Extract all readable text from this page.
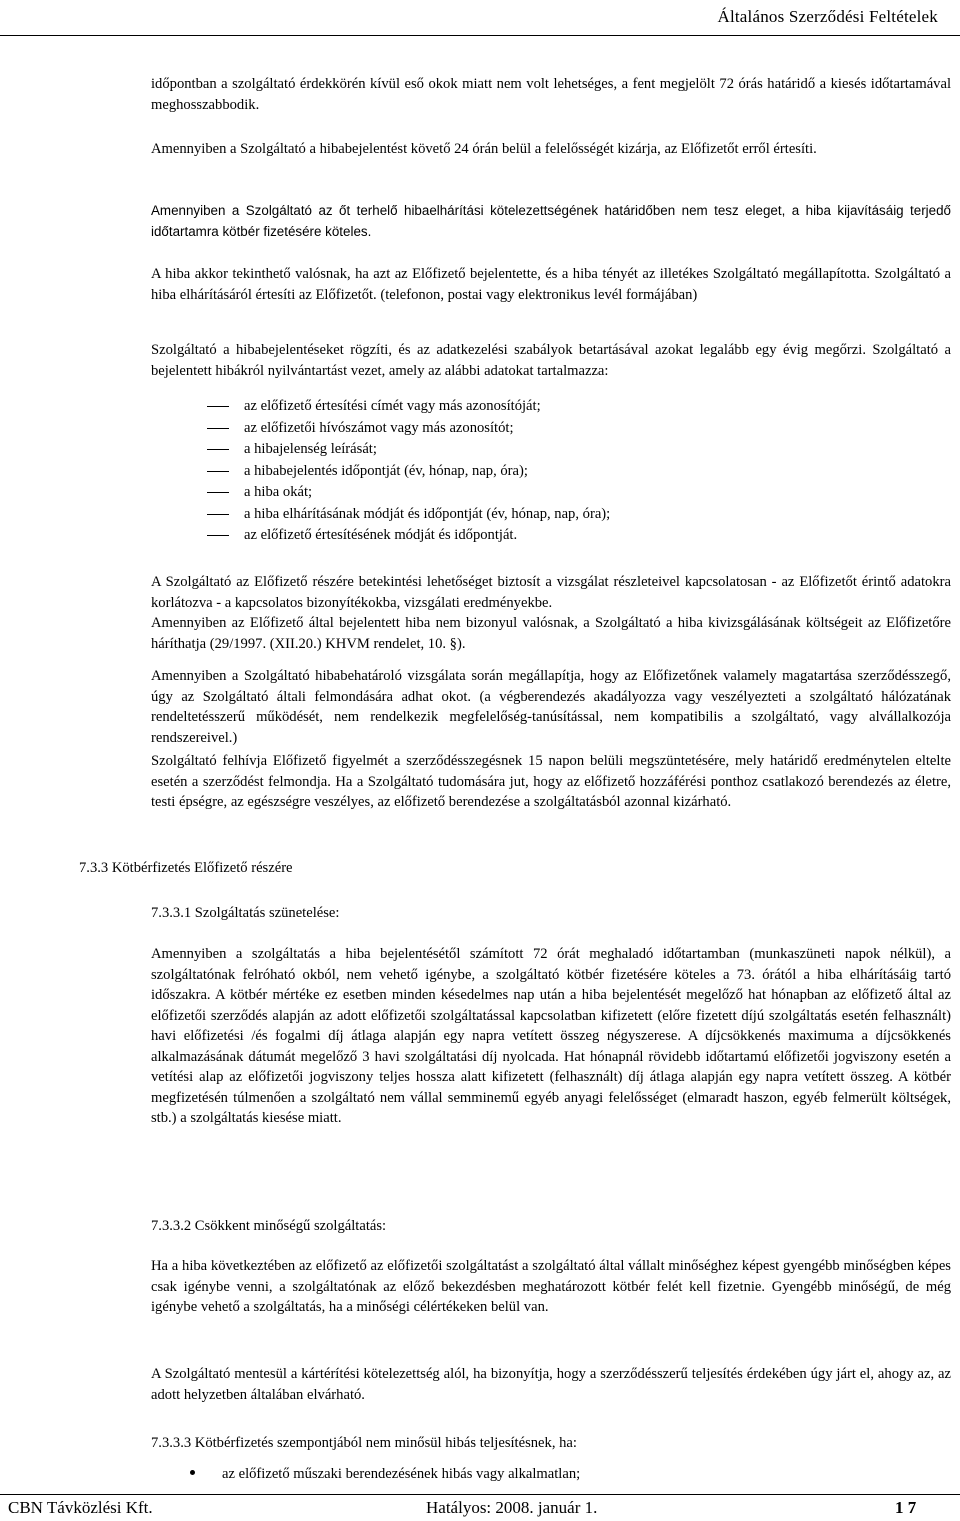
Általános Szerződési Feltételek
időpontban a szolgáltató érdekkörén kívül eső okok miatt nem volt lehetséges, a fent megjelölt 72 órás határidő a kiesés időtartamával meghosszabbodik.
Amennyiben a Szolgáltató a hibabejelentést követő 24 órán belül a felelősségét kizárja, az Előfizetőt erről értesíti.
Amennyiben a Szolgáltató az őt terhelő hibaelhárítási kötelezettségének határidőben nem tesz eleget, a hiba kijavításáig terjedő időtartamra kötbér fizetésére köteles.
A hiba akkor tekinthető valósnak, ha azt az Előfizető bejelentette, és a hiba tényét az illetékes Szolgáltató megállapította. Szolgáltató a hiba elhárításáról értesíti az Előfizetőt. (telefonon, postai vagy elektronikus levél formájában)
Szolgáltató a hibabejelentéseket rögzíti, és az adatkezelési szabályok betartásával azokat legalább egy évig megőrzi. Szolgáltató a bejelentett hibákról nyilvántartást vezet, amely az alábbi adatokat tartalmazza:
az előfizető értesítési címét vagy más azonosítóját;
az előfizetői hívószámot vagy más azonosítót;
a hibajelenség leírását;
a hibabejelentés időpontját (év, hónap, nap, óra);
a hiba okát;
a hiba elhárításának módját és időpontját (év, hónap, nap, óra);
az előfizető értesítésének módját és időpontját.
A Szolgáltató az Előfizető részére betekintési lehetőséget biztosít a vizsgálat részleteivel kapcsolatosan - az Előfizetőt érintő adatokra korlátozva - a kapcsolatos bizonyítékokba, vizsgálati eredményekbe.
Amennyiben az Előfizető által bejelentett hiba nem bizonyul valósnak, a Szolgáltató a hiba kivizsgálásának költségeit az Előfizetőre háríthatja (29/1997. (XII.20.) KHVM rendelet, 10. §).
Amennyiben a Szolgáltató hibabehatároló vizsgálata során megállapítja, hogy az Előfizetőnek valamely magatartása szerződésszegő, úgy az Szolgáltató általi felmondására adhat okot. (a végberendezés akadályozza vagy veszélyezteti a szolgáltató hálózatának rendeltetésszerű működését, nem rendelkezik megfelelőség-tanúsítással, nem kompatibilis a szolgáltató, vagy alvállalkozója rendszereivel.)
Szolgáltató felhívja Előfizető figyelmét a szerződésszegésnek 15 napon belüli megszüntetésére, mely határidő eredménytelen eltelte esetén a szerződést felmondja. Ha a Szolgáltató tudomására jut, hogy az előfizető hozzáférési ponthoz csatlakozó berendezés az életre, testi épségre, az egészségre veszélyes, az előfizető berendezése a szolgáltatásból azonnal kizárható.
7.3.3 Kötbérfizetés Előfizető részére
7.3.3.1 Szolgáltatás szünetelése:
Amennyiben a szolgáltatás a hiba bejelentésétől számított 72 órát meghaladó időtartamban (munkaszüneti napok nélkül), a szolgáltatónak felróható okból, nem vehető igénybe, a szolgáltató kötbér fizetésére köteles a 73. órától a hiba elhárításáig tartó időszakra. A kötbér mértéke ez esetben minden késedelmes nap után a hiba bejelentését megelőző hat hónapban az előfizető által az előfizetői szerződés alapján az adott előfizetői szolgáltatással kapcsolatban kifizetett (előre fizetett díjú szolgáltatás esetén felhasznált) havi előfizetési /és fogalmi díj átlaga alapján egy napra vetített összeg négyszerese. A díjcsökkenés maximuma a díjcsökkenés alkalmazásának dátumát megelőző 3 havi szolgáltatási díj nyolcada. Hat hónapnál rövidebb időtartamú előfizetői jogviszony esetén a vetítési alap az előfizetői jogviszony teljes hossza alatt kifizetett (felhasznált) díj átlaga alapján egy napra vetített összeg. A kötbér megfizetésén túlmenően a szolgáltató nem vállal semminemű egyéb anyagi felelősséget (elmaradt haszon, egyéb felmerült költségek, stb.) a szolgáltatás kiesése miatt.
7.3.3.2 Csökkent minőségű szolgáltatás:
Ha a hiba következtében az előfizető az előfizetői szolgáltatást a szolgáltató által vállalt minőséghez képest gyengébb minőségben képes csak igénybe venni, a szolgáltatónak az előző bekezdésben meghatározott kötbér felét kell fizetnie. Gyengébb minőségű, de még igénybe vehető a szolgáltatás, ha a minőségi célértékeken belül van.
A Szolgáltató mentesül a kártérítési kötelezettség alól, ha bizonyítja, hogy a szerződésszerű teljesítés érdekében úgy járt el, ahogy az, az adott helyzetben általában elvárható.
7.3.3.3 Kötbérfizetés szempontjából nem minősül hibás teljesítésnek, ha:
az előfizető műszaki berendezésének hibás vagy alkalmatlan;
CBN Távközlési Kft.	Hatályos: 2008. január 1.	1 7
